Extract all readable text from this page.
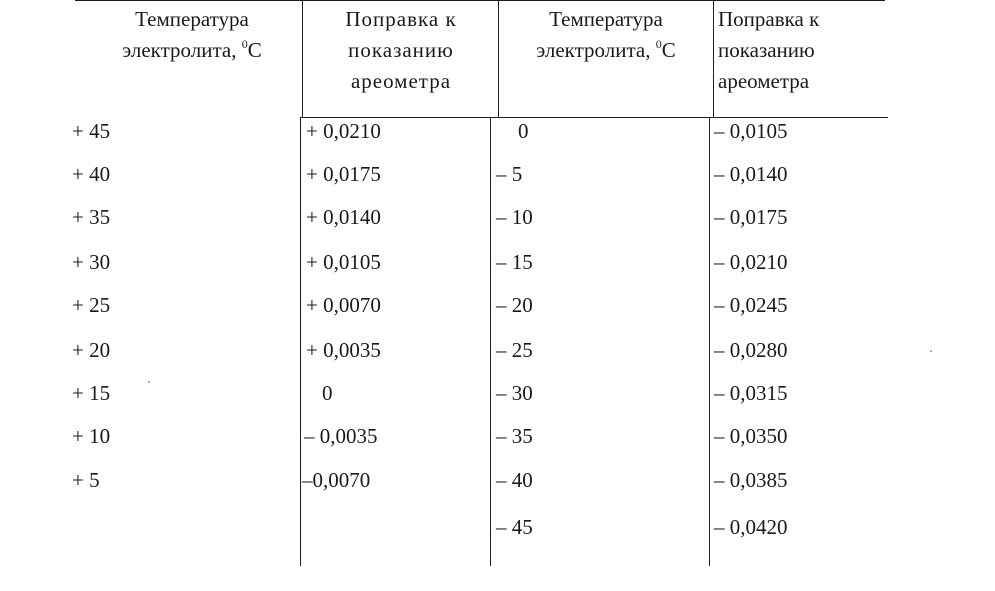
Температура
электролита, $^0$C
Поправка к
показанию
ареометра
Температура
электролита, $^0$C
Поправка к
показанию
ареометра
+ 45
+ 40
+ 35
+ 30
+ 25
+ 20
+ 15
+ 10
+ 5
+ 0,0210
+ 0,0175
+ 0,0140
+ 0,0105
+ 0,0070
+ 0,0035
0
– 0,0035
–0,0070
0
– 5
– 10
– 15
– 20
– 25
– 30
– 35
– 40
– 45
– 0,0105
– 0,0140
– 0,0175
– 0,0210
– 0,0245
– 0,0280
– 0,0315
– 0,0350
– 0,0385
– 0,0420
